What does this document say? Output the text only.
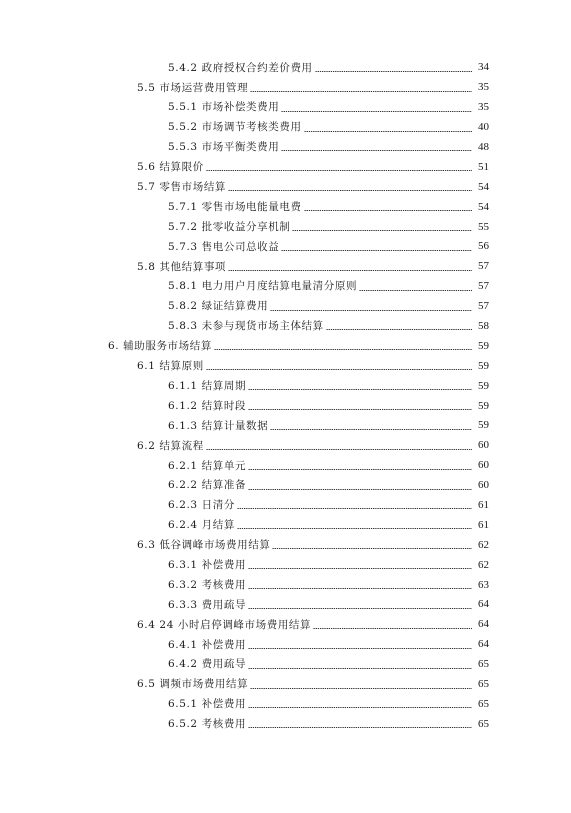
5.4.2 政府授权合约差价费用	34
5.5 市场运营费用管理	35
5.5.1 市场补偿类费用	35
5.5.2 市场调节考核类费用	40
5.5.3 市场平衡类费用	48
5.6 结算限价	51
5.7 零售市场结算	54
5.7.1 零售市场电能量电费	54
5.7.2 批零收益分享机制	55
5.7.3 售电公司总收益	56
5.8 其他结算事项	57
5.8.1 电力用户月度结算电量清分原则	57
5.8.2 绿证结算费用	57
5.8.3 未参与现货市场主体结算	58
6. 辅助服务市场结算	59
6.1 结算原则	59
6.1.1 结算周期	59
6.1.2 结算时段	59
6.1.3 结算计量数据	59
6.2 结算流程	60
6.2.1 结算单元	60
6.2.2 结算准备	60
6.2.3 日清分	61
6.2.4 月结算	61
6.3 低谷调峰市场费用结算	62
6.3.1 补偿费用	62
6.3.2 考核费用	63
6.3.3 费用疏导	64
6.4 24 小时启停调峰市场费用结算	64
6.4.1 补偿费用	64
6.4.2 费用疏导	65
6.5 调频市场费用结算	65
6.5.1 补偿费用	65
6.5.2 考核费用	65
